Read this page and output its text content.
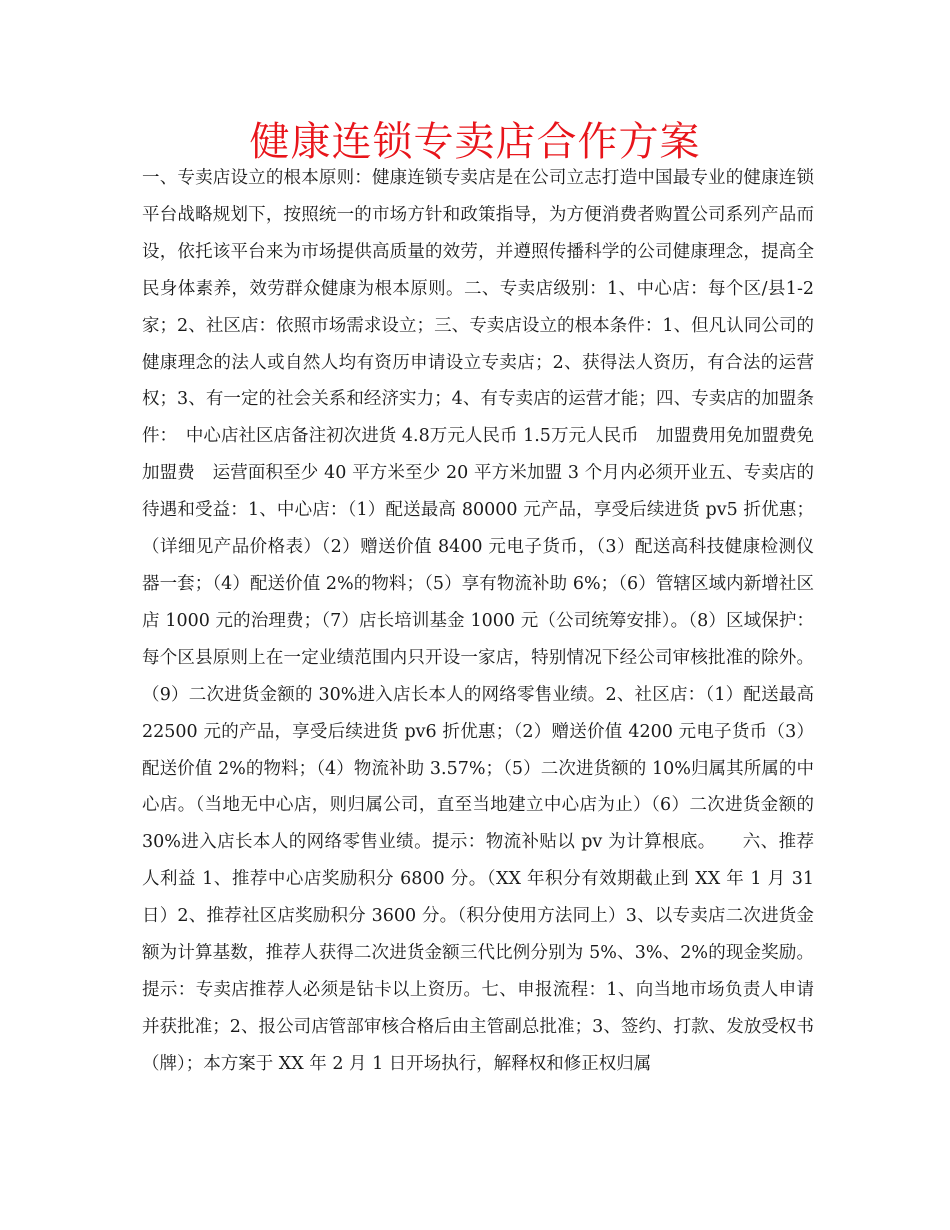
健康连锁专卖店合作方案

一、专卖店设立的根本原则：健康连锁专卖店是在公司立志打造中国最专业的健康连锁平台战略规划下，按照统一的市场方针和政策指导，为方便消费者购置公司系列产品而设，依托该平台来为市场提供高质量的效劳，并遵照传播科学的公司健康理念，提高全民身体素养，效劳群众健康为根本原则。二、专卖店级别：1、中心店：每个区/县1-2家；2、社区店：依照市场需求设立；三、专卖店设立的根本条件：1、但凡认同公司的健康理念的法人或自然人均有资历申请设立专卖店；2、获得法人资历，有合法的运营权；3、有一定的社会关系和经济实力；4、有专卖店的运营才能；四、专卖店的加盟条件：　中心店社区店备注初次进货 4.8万元人民币 1.5万元人民币　加盟费用免加盟费免加盟费　运营面积至少 40 平方米至少 20 平方米加盟 3 个月内必须开业五、专卖店的待遇和受益：1、中心店：（1）配送最高 80000 元产品，享受后续进货 pv5 折优惠；（详细见产品价格表）（2）赠送价值 8400 元电子货币，（3）配送高科技健康检测仪器一套；（4）配送价值 2%的物料；（5）享有物流补助 6%；（6）管辖区域内新增社区店 1000 元的治理费；（7）店长培训基金 1000 元（公司统筹安排）。（8）区域保护：每个区县原则上在一定业绩范围内只开设一家店，特别情况下经公司审核批准的除外。（9）二次进货金额的 30%进入店长本人的网络零售业绩。2、社区店：（1）配送最高 22500 元的产品，享受后续进货 pv6 折优惠；（2）赠送价值 4200 元电子货币（3）配送价值 2%的物料；（4）物流补助 3.57%；（5）二次进货额的 10%归属其所属的中心店。（当地无中心店，则归属公司，直至当地建立中心店为止）（6）二次进货金额的 30%进入店长本人的网络零售业绩。提示：物流补贴以 pv 为计算根底。　　六、推荐人利益 1、推荐中心店奖励积分 6800 分。（XX 年积分有效期截止到 XX 年 1 月 31 日）2、推荐社区店奖励积分 3600 分。（积分使用方法同上）3、以专卖店二次进货金额为计算基数，推荐人获得二次进货金额三代比例分别为 5%、3%、2%的现金奖励。提示：专卖店推荐人必须是钻卡以上资历。七、申报流程：1、向当地市场负责人申请并获批准；2、报公司店管部审核合格后由主管副总批准；3、签约、打款、发放受权书（牌）；本方案于 XX 年 2 月 1 日开场执行，解释权和修正权归属
